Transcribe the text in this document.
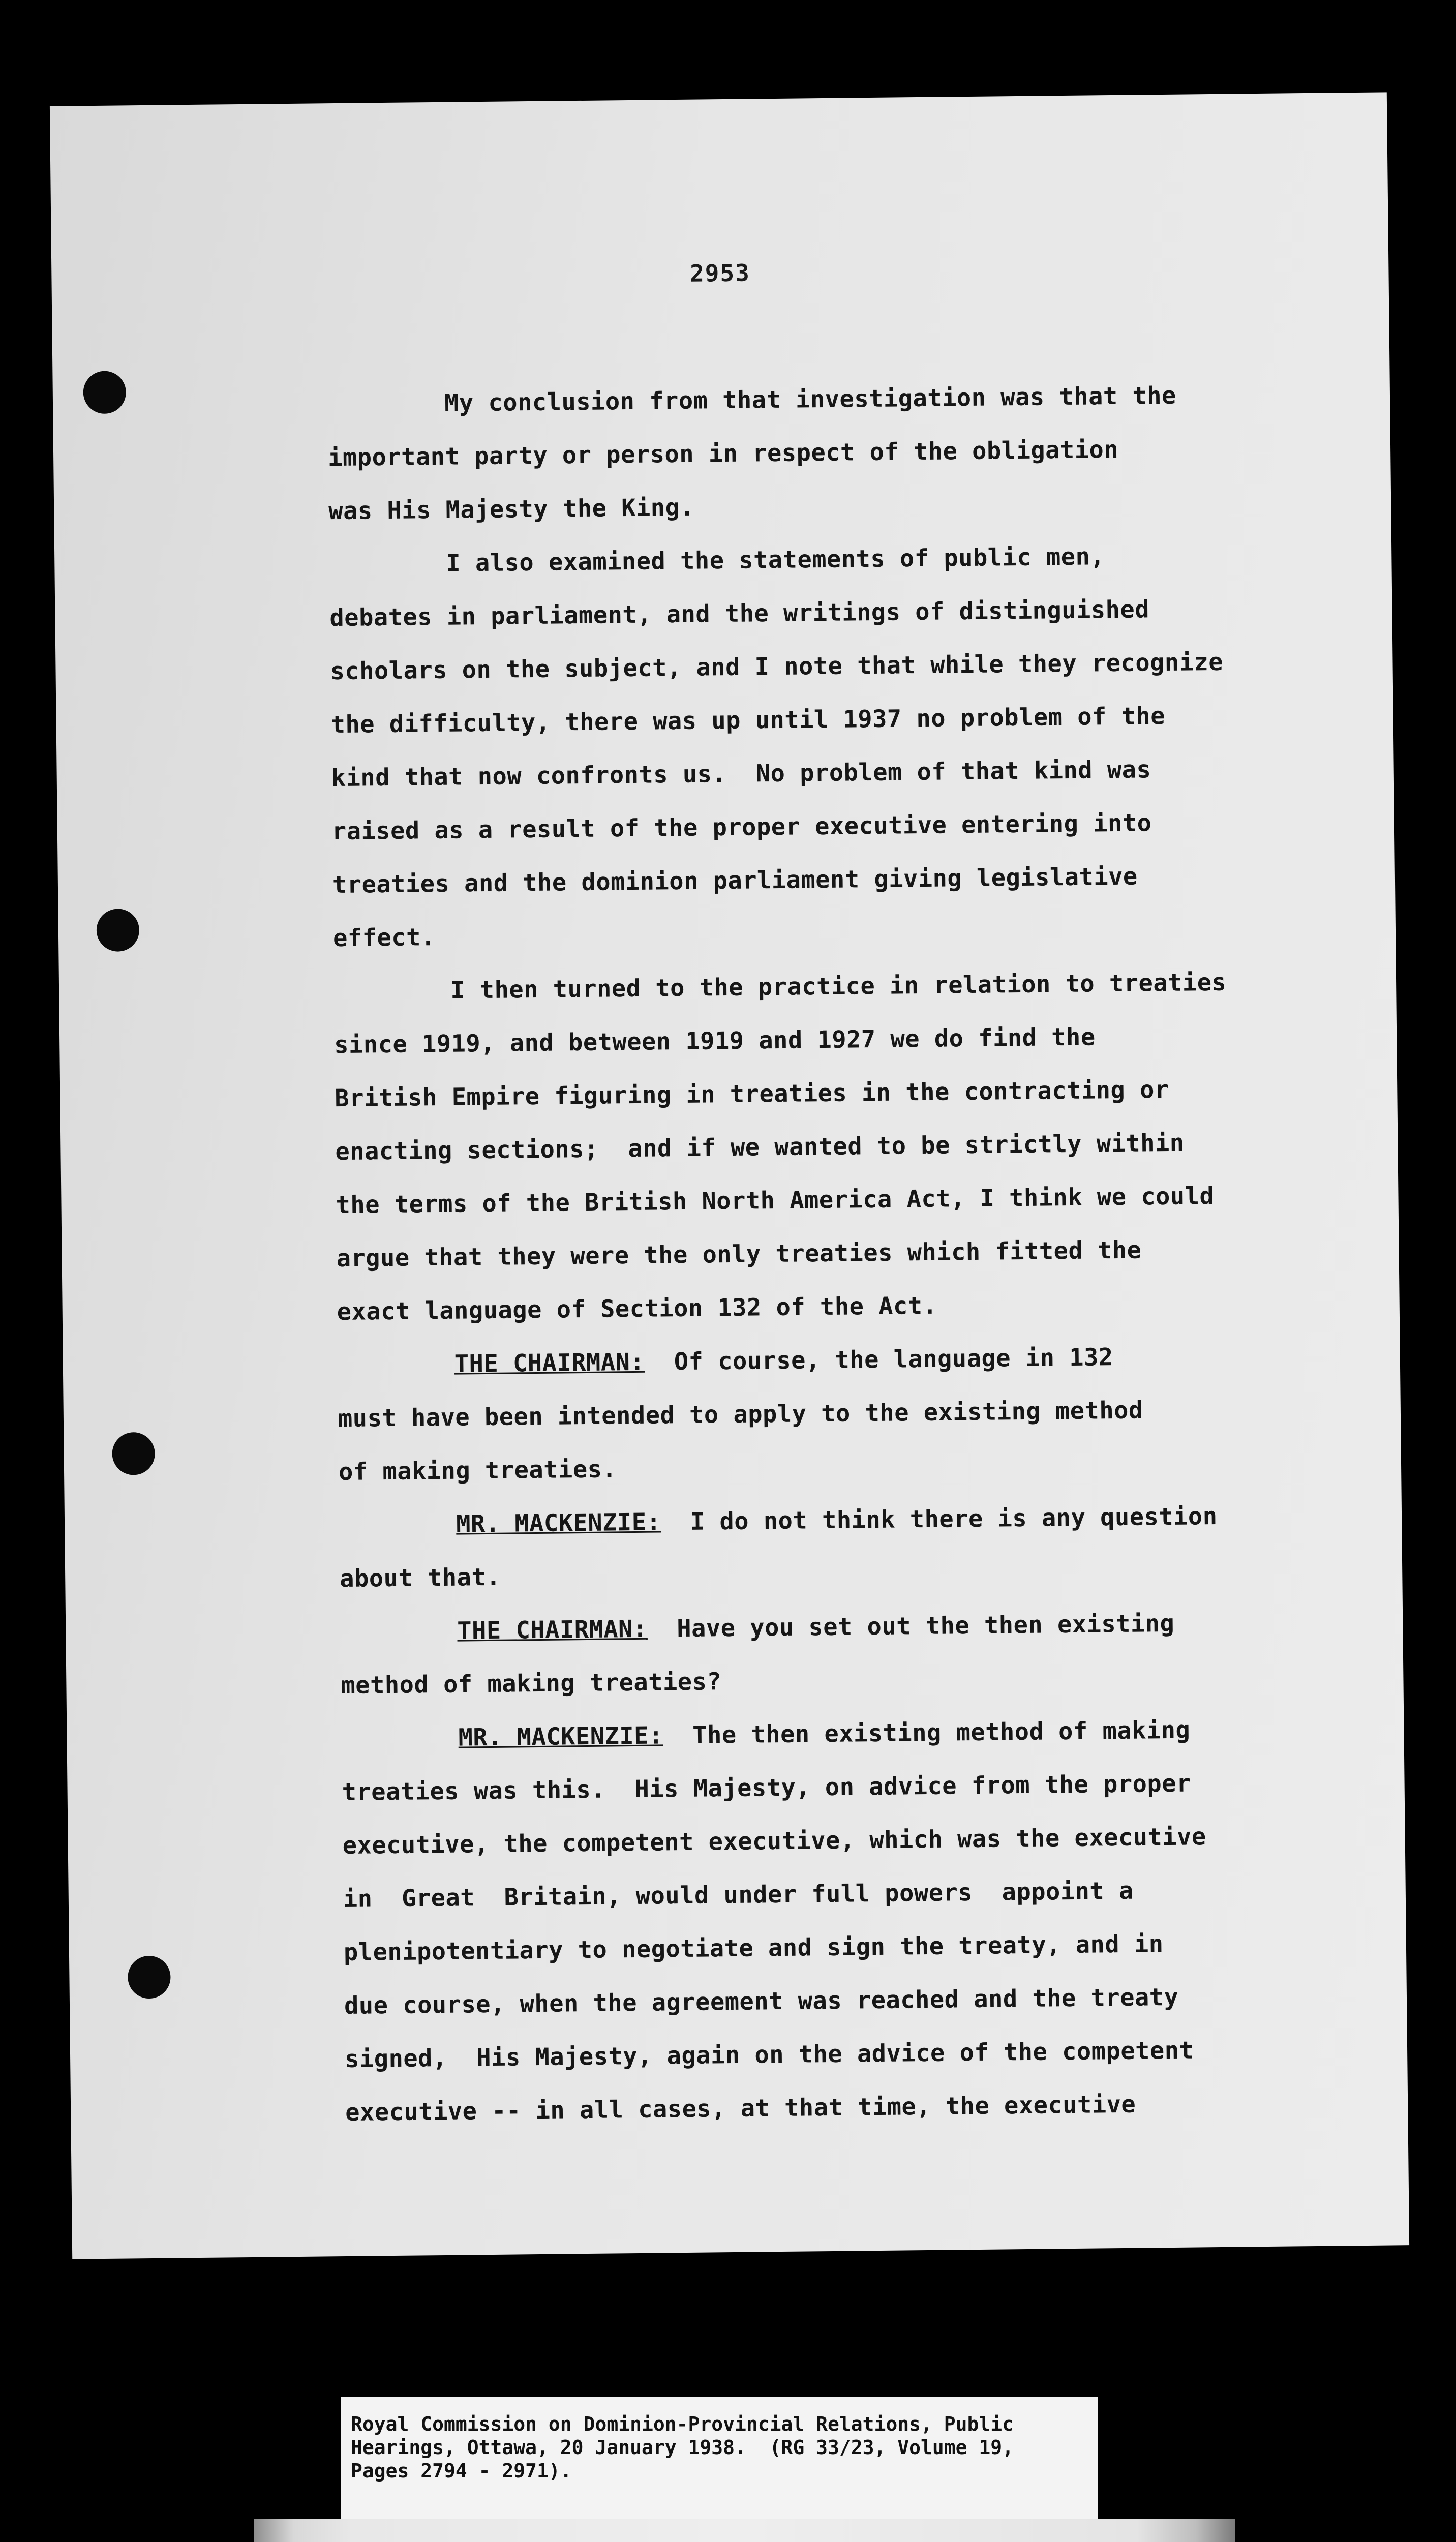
2953
My conclusion from that investigation was that the
important party or person in respect of the obligation
was His Majesty the King.
I also examined the statements of public men,
debates in parliament, and the writings of distinguished
scholars on the subject, and I note that while they recognize
the difficulty, there was up until 1937 no problem of the
kind that now confronts us.  No problem of that kind was
raised as a result of the proper executive entering into
treaties and the dominion parliament giving legislative
effect.
I then turned to the practice in relation to treaties
since 1919, and between 1919 and 1927 we do find the
British Empire figuring in treaties in the contracting or
enacting sections;  and if we wanted to be strictly within
the terms of the British North America Act, I think we could
argue that they were the only treaties which fitted the
exact language of Section 132 of the Act.
THE CHAIRMAN:  Of course, the language in 132
must have been intended to apply to the existing method
of making treaties.
MR. MACKENZIE:  I do not think there is any question
about that.
THE CHAIRMAN:  Have you set out the then existing
method of making treaties?
MR. MACKENZIE:  The then existing method of making
treaties was this.  His Majesty, on advice from the proper
executive, the competent executive, which was the executive
in  Great  Britain, would under full powers  appoint a
plenipotentiary to negotiate and sign the treaty, and in
due course, when the agreement was reached and the treaty
signed,  His Majesty, again on the advice of the competent
executive -- in all cases, at that time, the executive
Royal Commission on Dominion-Provincial Relations, Public
Hearings, Ottawa, 20 January 1938.  (RG 33/23, Volume 19,
Pages 2794 - 2971).
